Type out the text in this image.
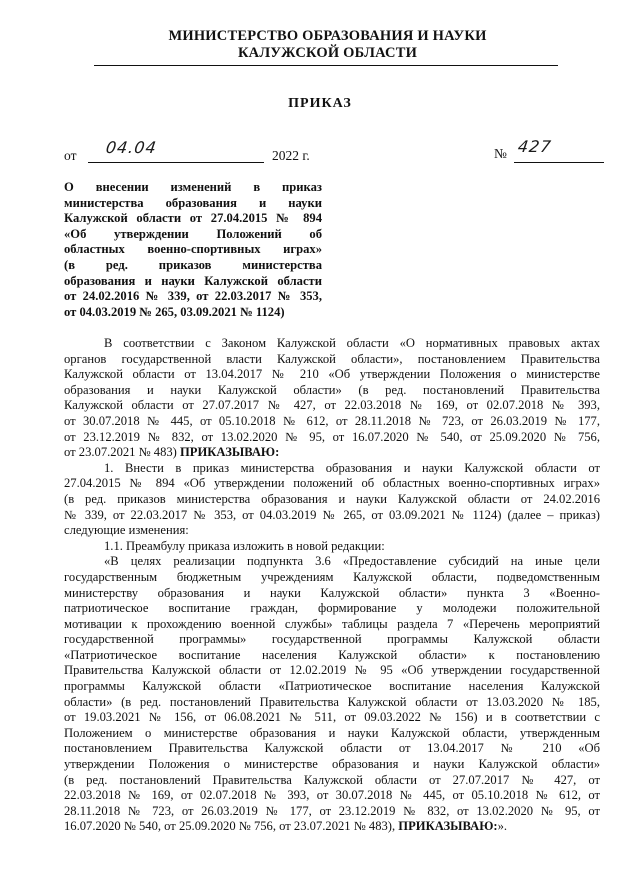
МИНИСТЕРСТВО ОБРАЗОВАНИЯ И НАУКИ
КАЛУЖСКОЙ ОБЛАСТИ
ПРИКАЗ
от 04.04	2022 г.	№ 427
О внесении изменений в приказ
министерства образования и науки
Калужской области от 27.04.2015 № 894
«Об утверждении Положений об
областных военно-спортивных играх»
(в ред. приказов министерства
образования и науки Калужской области
от 24.02.2016 № 339, от 22.03.2017 № 353,
от 04.03.2019 № 265, 03.09.2021 № 1124)
В соответствии с Законом Калужской области «О нормативных правовых актах
органов государственной власти Калужской области», постановлением Правительства
Калужской области от 13.04.2017 № 210 «Об утверждении Положения о министерстве
образования и науки Калужской области» (в ред. постановлений Правительства
Калужской области от 27.07.2017 № 427, от 22.03.2018 № 169, от 02.07.2018 № 393,
от 30.07.2018 № 445, от 05.10.2018 № 612, от 28.11.2018 № 723, от 26.03.2019 № 177,
от 23.12.2019 № 832, от 13.02.2020 № 95, от 16.07.2020 № 540, от 25.09.2020 № 756,
от 23.07.2021 № 483) ПРИКАЗЫВАЮ:
1. Внести в приказ министерства образования и науки Калужской области от
27.04.2015 № 894 «Об утверждении положений об областных военно-спортивных играх»
(в ред. приказов министерства образования и науки Калужской области от 24.02.2016
№ 339, от 22.03.2017 № 353, от 04.03.2019 № 265, от 03.09.2021 № 1124) (далее – приказ)
следующие изменения:
1.1. Преамбулу приказа изложить в новой редакции:
«В целях реализации подпункта 3.6 «Предоставление субсидий на иные цели
государственным бюджетным учреждениям Калужской области, подведомственным
министерству образования и науки Калужской области» пункта 3 «Военно-
патриотическое воспитание граждан, формирование у молодежи положительной
мотивации к прохождению военной службы» таблицы раздела 7 «Перечень мероприятий
государственной программы» государственной программы Калужской области
«Патриотическое воспитание населения Калужской области» к постановлению
Правительства Калужской области от 12.02.2019 № 95 «Об утверждении государственной
программы Калужской области «Патриотическое воспитание населения Калужской
области» (в ред. постановлений Правительства Калужской области от 13.03.2020 № 185,
от 19.03.2021 № 156, от 06.08.2021 № 511, от 09.03.2022 № 156) и в соответствии с
Положением о министерстве образования и науки Калужской области, утвержденным
постановлением Правительства Калужской области от 13.04.2017 № 210 «Об
утверждении Положения о министерстве образования и науки Калужской области»
(в ред. постановлений Правительства Калужской области от 27.07.2017 № 427, от
22.03.2018 № 169, от 02.07.2018 № 393, от 30.07.2018 № 445, от 05.10.2018 № 612, от
28.11.2018 № 723, от 26.03.2019 № 177, от 23.12.2019 № 832, от 13.02.2020 № 95, от
16.07.2020 № 540, от 25.09.2020 № 756, от 23.07.2021 № 483), ПРИКАЗЫВАЮ:».
